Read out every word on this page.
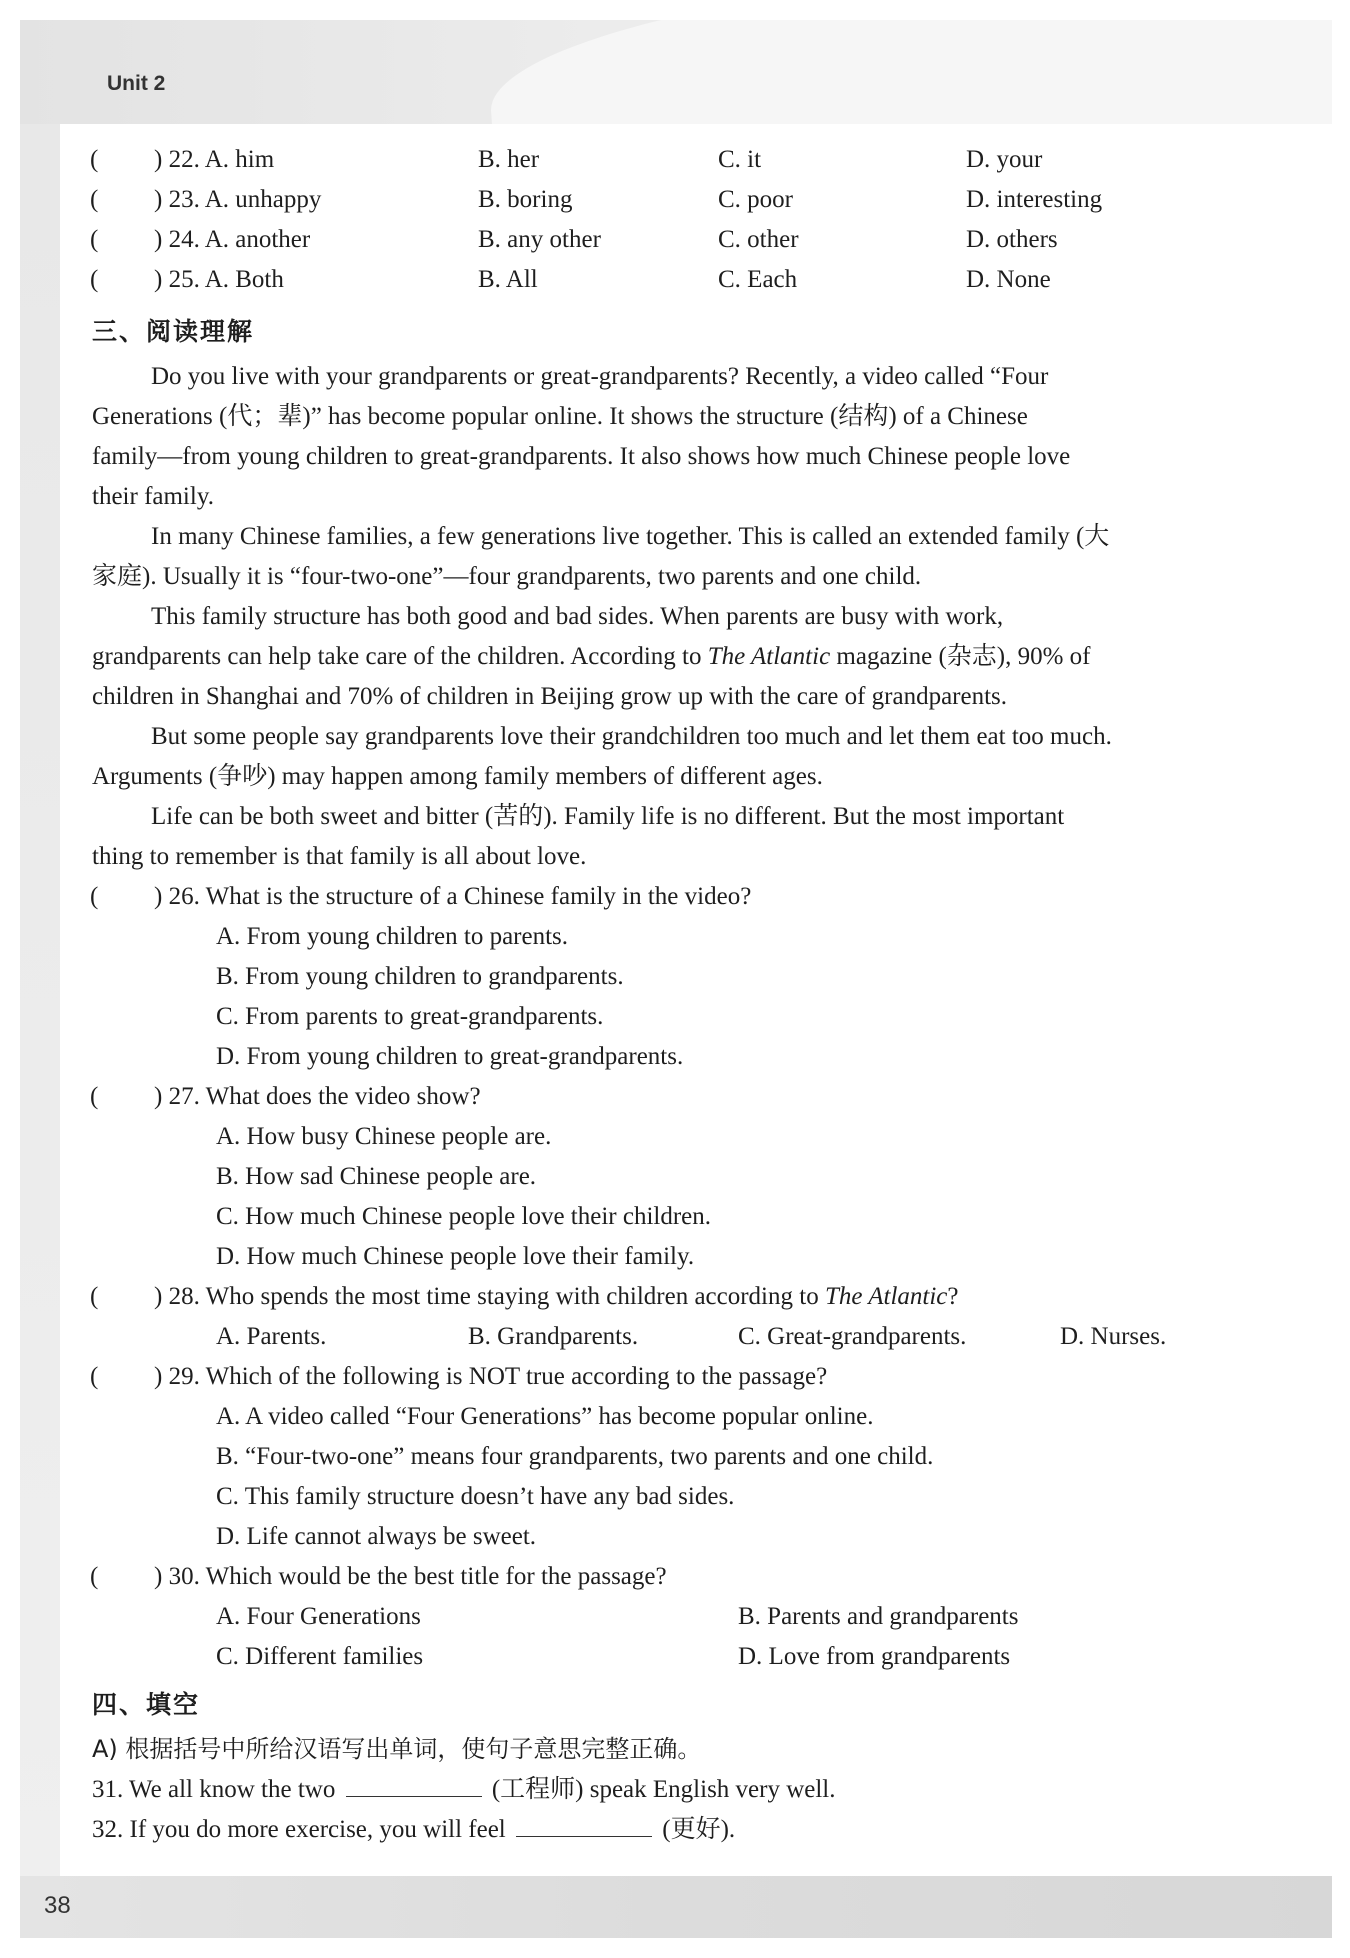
Unit 2
38
( ) 22. A. him	B. her	C. it	D. your
( ) 23. A. unhappy	B. boring	C. poor	D. interesting
( ) 24. A. another	B. any other	C. other	D. others
( ) 25. A. Both	B. All	C. Each	D. None
三、阅读理解
Do you live with your grandparents or great-grandparents? Recently, a video called “Four
Generations (代；辈)” has become popular online. It shows the structure (结构) of a Chinese
family—from young children to great-grandparents. It also shows how much Chinese people love
their family.
In many Chinese families, a few generations live together. This is called an extended family (大
家庭). Usually it is “four-two-one”—four grandparents, two parents and one child.
This family structure has both good and bad sides. When parents are busy with work,
grandparents can help take care of the children. According to The Atlantic magazine (杂志), 90% of
children in Shanghai and 70% of children in Beijing grow up with the care of grandparents.
But some people say grandparents love their grandchildren too much and let them eat too much.
Arguments (争吵) may happen among family members of different ages.
Life can be both sweet and bitter (苦的). Family life is no different. But the most important
thing to remember is that family is all about love.
( ) 26. What is the structure of a Chinese family in the video?
A. From young children to parents.
B. From young children to grandparents.
C. From parents to great-grandparents.
D. From young children to great-grandparents.
( ) 27. What does the video show?
A. How busy Chinese people are.
B. How sad Chinese people are.
C. How much Chinese people love their children.
D. How much Chinese people love their family.
( ) 28. Who spends the most time staying with children according to The Atlantic?
A. Parents.	B. Grandparents.	C. Great-grandparents.	D. Nurses.
( ) 29. Which of the following is NOT true according to the passage?
A. A video called “Four Generations” has become popular online.
B. “Four-two-one” means four grandparents, two parents and one child.
C. This family structure doesn’t have any bad sides.
D. Life cannot always be sweet.
( ) 30. Which would be the best title for the passage?
A. Four Generations	B. Parents and grandparents
C. Different families	D. Love from grandparents
四、填空
A) 根据括号中所给汉语写出单词，使句子意思完整正确。
31. We all know the two	(工程师) speak English very well.
32. If you do more exercise, you will feel	(更好).
